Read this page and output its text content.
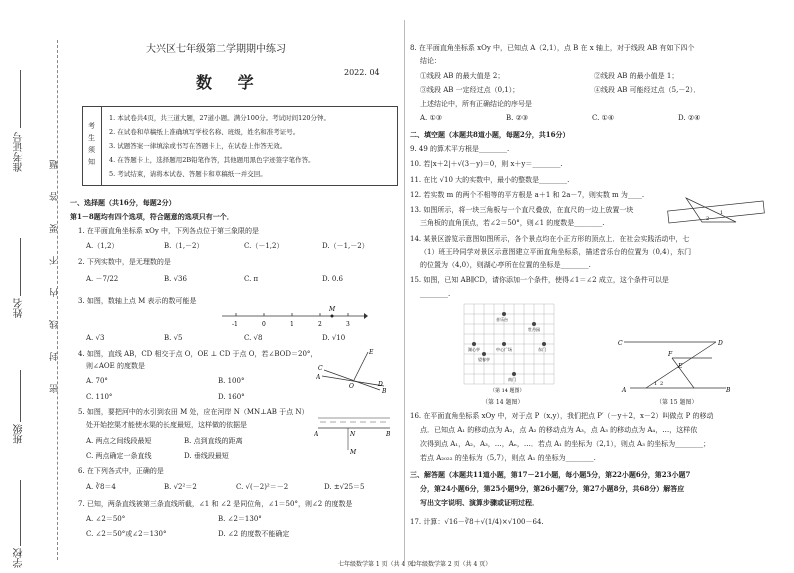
准考证号
姓名
班级
学校
题
答
要
不
内
线
封
密
大兴区七年级第二学期期中练习
数 学
2022. 04
考
生
须
知
1. 本试卷共4页，共三道大题，27道小题。满分100分。考试时间120分钟。
2. 在试卷和草稿纸上准确填写学校名称、班级，姓名和准考证号。
3. 试题答案一律填涂或书写在答题卡上，在试卷上作答无效。
4. 在答题卡上，选择题用2B铅笔作答，其他题用黑色字迹签字笔作答。
5. 考试结束，请将本试卷、答题卡和草稿纸一并交回。
一、选择题（共16分，每题2分）
第1－8题均有四个选项，符合题意的选项只有一个．
1. 在平面直角坐标系 xOy 中，下列各点位于第三象限的是
A.（1,2）	B.（1,－2）	C.（－1,2）	D.（－1,－2）
2. 下列实数中，是无理数的是
A. －7/22	B. √36	C. π	D. 0.6
3. 如图，数轴上点 M 表示的数可能是
-1	0	1	2	3
M
A. √3	B. √5	C. √8	D. √10
4. 如图，直线 AB，CD 相交于点 O，OE ⊥ CD 于点 O，若∠BOD＝20°，
则∠AOE 的度数是
A. 70°	B. 100°
C. 110°	D. 160°
A
B
C
D
E
O
5. 如图，要把河中的水引到农田 M 处，应在河岸 N（MN⊥AB 于点 N）
处开始挖渠才能使水渠的长度最短，这样做的依据是
A. 两点之间线段最短	B. 点到直线的距离
C. 两点确定一条直线	D. 垂线段最短
A	B
N
M
6. 在下列各式中，正确的是
A. ∛8＝4	B. √2²＝2	C. √(－2)²＝－2	D. ±√25＝5
7. 已知，两条直线被第三条直线所截，∠1 和 ∠2 是同位角，∠1＝50°，则∠2 的度数是
A. ∠2＝50°	B. ∠2＝130°
C. ∠2＝50°或∠2＝130°	D. ∠2 的度数不能确定
七年级数学第 1 页（共 4 页）
8. 在平面直角坐标系 xOy 中，已知点 A（2,1），点 B 在 x 轴上，对于线段 AB 有如下四个
结论：
①线段 AB 的最大值是 2；	②线段 AB 的最小值是 1；
③线段 AB 一定经过点（0,1）；	④线段 AB 可能经过点（5,－2）．
上述结论中，所有正确结论的序号是
A. ①③	B. ②③	C. ①④	D. ②④
二、填空题（本题共8道小题，每题2分，共16分）
9. 49 的算术平方根是________.
10. 若|x＋2|＋√(3－y)＝0，则 x＋y＝________.
11. 在比 √10 大的实数中，最小的整数是________.
12. 若实数 m 的两个不相等的平方根是 a＋1 和 2a－7，则实数 m 为____.
13. 如图所示，将一块三角板与一个直尺叠放，在直尺的一边上放置一块
三角板的直角顶点，若∠2＝50°，则∠1 的度数是________.
1
2
14. 某景区游览示意图如图所示，各个景点均在小正方形的顶点上．在社会实践活动中，七
（1）班王玲同学对景区示意图建立平面直角坐标系，描述音乐台的位置为（0,4），东门
的位置为（4,0），则湖心亭所在位置的坐标是________.
15. 如图，已知 AB∥CD，请你添加一个条件，使得∠1＝∠2 成立，这个条件可以是
________.
音乐台
牡丹园
湖心亭	中心广场
望春亭
南门
东门
（第 14 题图）
C	D
F
E
A	B
1 2
（第 14 题图）	（第 15 题图）
16. 在平面直角坐标系 xOy 中，对于点 P（x,y），我们把点 P′（－y＋2，x－2）叫做点 P 的移动
点．已知点 A₁ 的移动点为 A₂，点 A₂ 的移动点为 A₃，点 A₃ 的移动点为 A₄，…，这样依
次得到点 A₁，A₂，A₃，…，Aₙ，…．若点 A₁ 的坐标为（2,1），则点 A₃ 的坐标为________；
若点 A₂₀₂₂ 的坐标为（5,7），则点 A₁ 的坐标为________.
三、解答题（本题共11道小题，第17－21小题，每小题5分，第22小题6分，第23小题7
分，第24小题6分，第25小题9分，第26小题7分，第27小题8分，共68分）解答应
写出文字说明、演算步骤或证明过程．
17. 计算：√16－∛8＋√(1/4)×√100－64.
七年级数学第 2 页（共 4 页）
